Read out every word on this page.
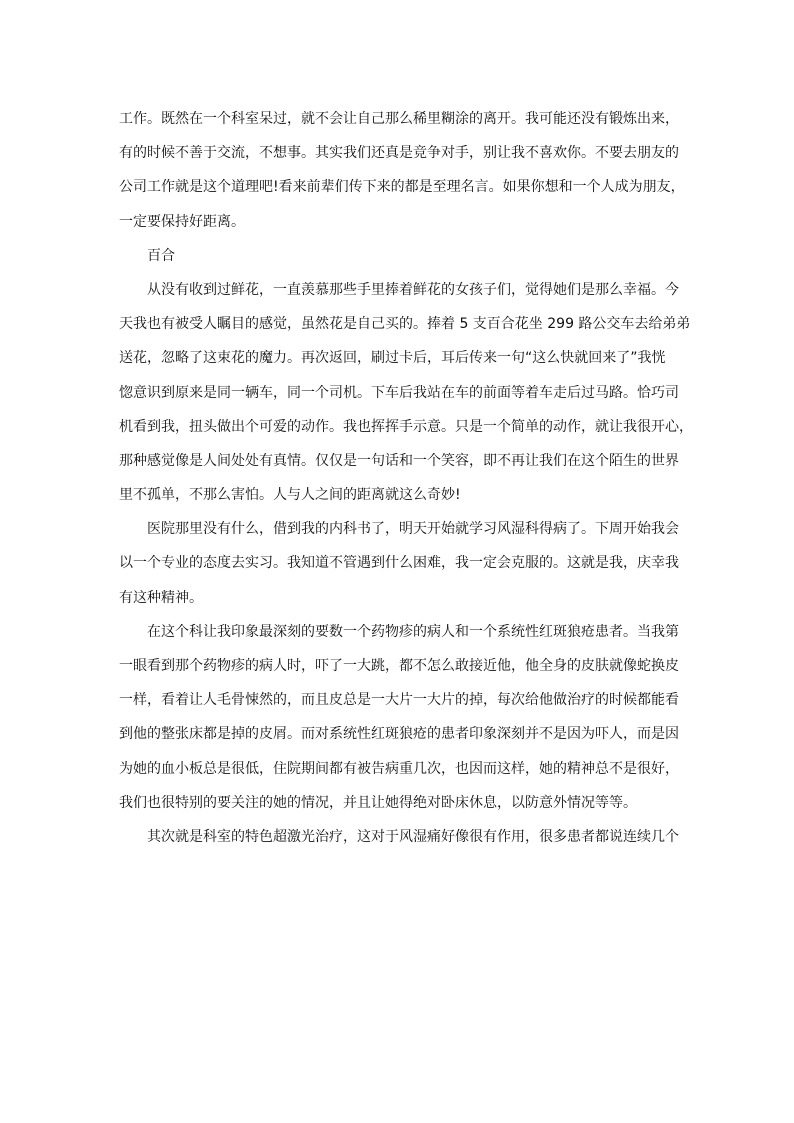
工作。既然在一个科室呆过，就不会让自己那么稀里糊涂的离开。我可能还没有锻炼出来，
有的时候不善于交流，不想事。其实我们还真是竞争对手，别让我不喜欢你。不要去朋友的
公司工作就是这个道理吧!看来前辈们传下来的都是至理名言。如果你想和一个人成为朋友，
一定要保持好距离。
百合
从没有收到过鲜花，一直羡慕那些手里捧着鲜花的女孩子们，觉得她们是那么幸福。今
天我也有被受人瞩目的感觉，虽然花是自己买的。捧着 5 支百合花坐 299 路公交车去给弟弟
送花，忽略了这束花的魔力。再次返回，刷过卡后，耳后传来一句“这么快就回来了”我恍
惚意识到原来是同一辆车，同一个司机。下车后我站在车的前面等着车走后过马路。恰巧司
机看到我，扭头做出个可爱的动作。我也挥挥手示意。只是一个简单的动作，就让我很开心，
那种感觉像是人间处处有真情。仅仅是一句话和一个笑容，即不再让我们在这个陌生的世界
里不孤单，不那么害怕。人与人之间的距离就这么奇妙!
医院那里没有什么，借到我的内科书了，明天开始就学习风湿科得病了。下周开始我会
以一个专业的态度去实习。我知道不管遇到什么困难，我一定会克服的。这就是我，庆幸我
有这种精神。
在这个科让我印象最深刻的要数一个药物疹的病人和一个系统性红斑狼疮患者。当我第
一眼看到那个药物疹的病人时，吓了一大跳，都不怎么敢接近他，他全身的皮肤就像蛇换皮
一样，看着让人毛骨悚然的，而且皮总是一大片一大片的掉，每次给他做治疗的时候都能看
到他的整张床都是掉的皮屑。而对系统性红斑狼疮的患者印象深刻并不是因为吓人，而是因
为她的血小板总是很低，住院期间都有被告病重几次，也因而这样，她的精神总不是很好，
我们也很特别的要关注的她的情况，并且让她得绝对卧床休息，以防意外情况等等。
其次就是科室的特色超激光治疗，这对于风湿痛好像很有作用，很多患者都说连续几个
